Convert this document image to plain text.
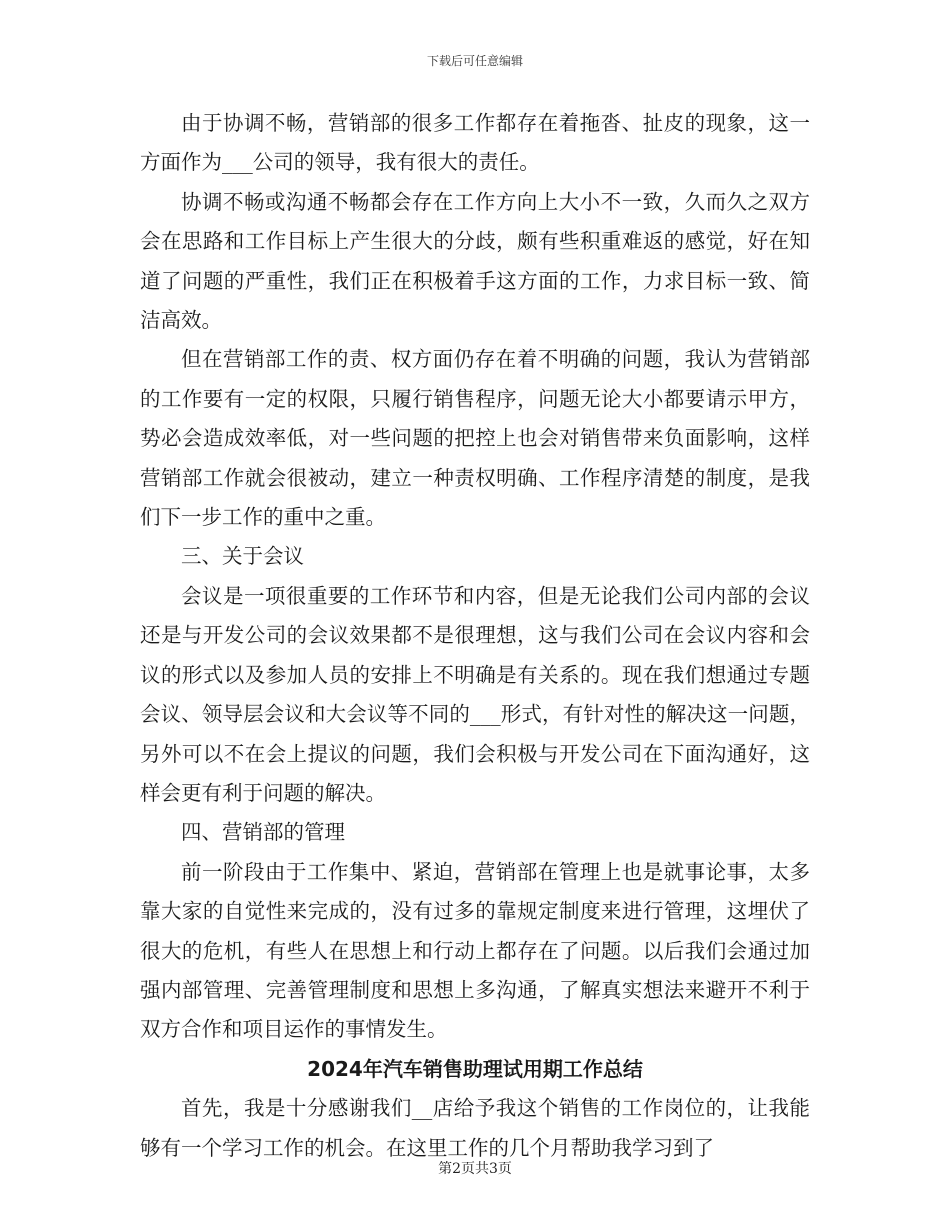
下载后可任意编辑

由于协调不畅，营销部的很多工作都存在着拖沓、扯皮的现象，这一方面作为___公司的领导，我有很大的责任。

协调不畅或沟通不畅都会存在工作方向上大小不一致，久而久之双方会在思路和工作目标上产生很大的分歧，颇有些积重难返的感觉，好在知道了问题的严重性，我们正在积极着手这方面的工作，力求目标一致、简洁高效。

但在营销部工作的责、权方面仍存在着不明确的问题，我认为营销部的工作要有一定的权限，只履行销售程序，问题无论大小都要请示甲方，势必会造成效率低，对一些问题的把控上也会对销售带来负面影响，这样营销部工作就会很被动，建立一种责权明确、工作程序清楚的制度，是我们下一步工作的重中之重。

三、关于会议

会议是一项很重要的工作环节和内容，但是无论我们公司内部的会议还是与开发公司的会议效果都不是很理想，这与我们公司在会议内容和会议的形式以及参加人员的安排上不明确是有关系的。现在我们想通过专题会议、领导层会议和大会议等不同的___形式，有针对性的解决这一问题，另外可以不在会上提议的问题，我们会积极与开发公司在下面沟通好，这样会更有利于问题的解决。

四、营销部的管理

前一阶段由于工作集中、紧迫，营销部在管理上也是就事论事，太多靠大家的自觉性来完成的，没有过多的靠规定制度来进行管理，这埋伏了很大的危机，有些人在思想上和行动上都存在了问题。以后我们会通过加强内部管理、完善管理制度和思想上多沟通，了解真实想法来避开不利于双方合作和项目运作的事情发生。

2024年汽车销售助理试用期工作总结

首先，我是十分感谢我们__店给予我这个销售的工作岗位的，让我能够有一个学习工作的机会。在这里工作的几个月帮助我学习到了

第2页共3页
